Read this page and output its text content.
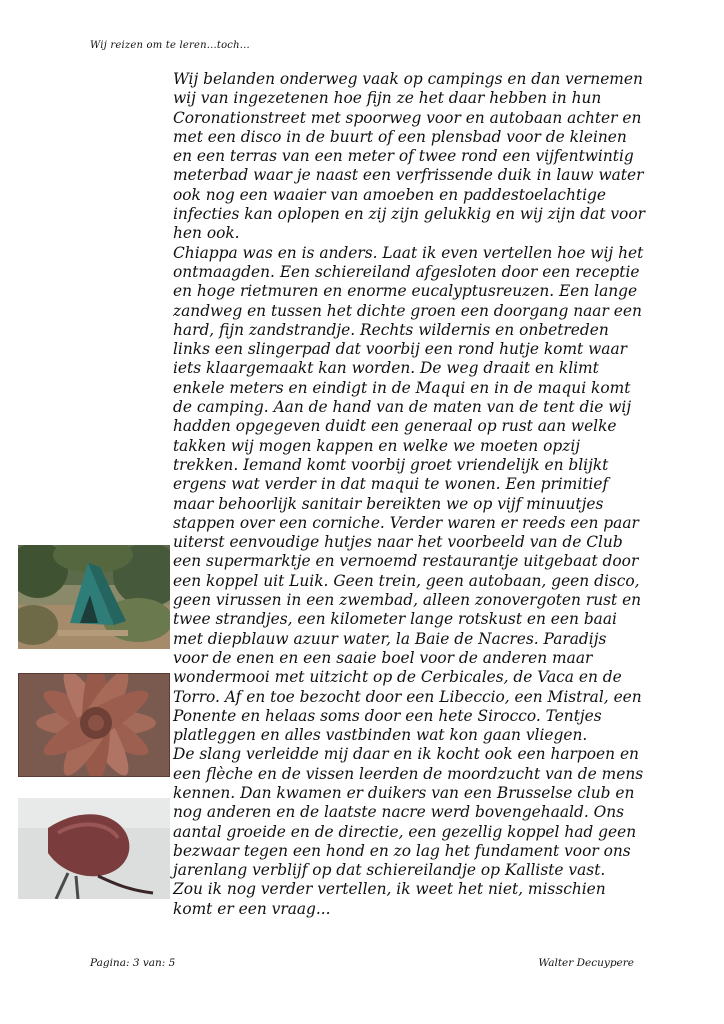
Wij reizen om te leren...toch...

Wij belanden onderweg vaak op campings en dan vernemen wij van ingezetenen hoe fijn ze het daar hebben in hun Coronationstreet met spoorweg voor en autobaan achter en met een disco in de buurt of een plensbad voor de kleinen en een terras van een meter of twee rond een vijfentwintig meterbad waar je naast een verfrissende duik in lauw water ook nog een waaier van amoeben en paddestoelachtige infecties kan oplopen en zij zijn gelukkig en wij zijn dat voor hen ook.

Chiappa was en is anders. Laat ik even vertellen hoe wij het ontmaagden. Een schiereiland afgesloten door een receptie en hoge rietmuren en enorme eucalyptusreuzen. Een lange zandweg en tussen het dichte groen een doorgang naar een hard, fijn zandstrandje. Rechts wildernis en onbetreden links een slingerpad dat voorbij een rond hutje komt waar iets klaargemaakt kan worden. De weg draait en klimt enkele meters en eindigt in de Maqui en in de maqui komt de camping. Aan de hand van de maten van de tent die wij hadden opgegeven duidt een generaal op rust aan welke takken wij mogen kappen en welke we moeten opzij trekken. Iemand komt voorbij groet vriendelijk en blijkt ergens wat verder in dat maqui te wonen. Een primitief maar behoorlijk sanitair bereikten we op vijf minuutjes stappen over een corniche. Verder waren er reeds een paar uiterst eenvoudige hutjes naar het voorbeeld van de Club een supermarktje en vernoemd restaurantje uitgebaat door een koppel uit Luik. Geen trein, geen autobaan, geen disco, geen virussen in een zwembad, alleen zonovergoten rust en twee strandjes, een kilometer lange rotskust en een baai met diepblauw azuur water, la Baie de Nacres. Paradijs voor de enen en een saaie boel voor de anderen maar wondermooi met uitzicht op de Cerbicales, de Vaca en de Torro. Af en toe bezocht door een Libeccio, een Mistral, een Ponente en helaas soms door een hete Sirocco. Tentjes platleggen en alles vastbinden wat kon gaan vliegen.

De slang verleidde mij daar en ik kocht ook een harpoen en een flèche en de vissen leerden de moordzucht van de mens kennen. Dan kwamen er duikers van een Brusselse club en nog anderen en de laatste nacre werd bovengehaald. Ons aantal groeide en de directie, een gezellig koppel had geen bezwaar tegen een hond en zo lag het fundament voor ons jarenlang verblijf op dat schiereilandje op Kalliste vast.

Zou ik nog verder vertellen, ik weet het niet, misschien komt er een vraag...

Pagina: 3 van: 5	Walter Decuypere
